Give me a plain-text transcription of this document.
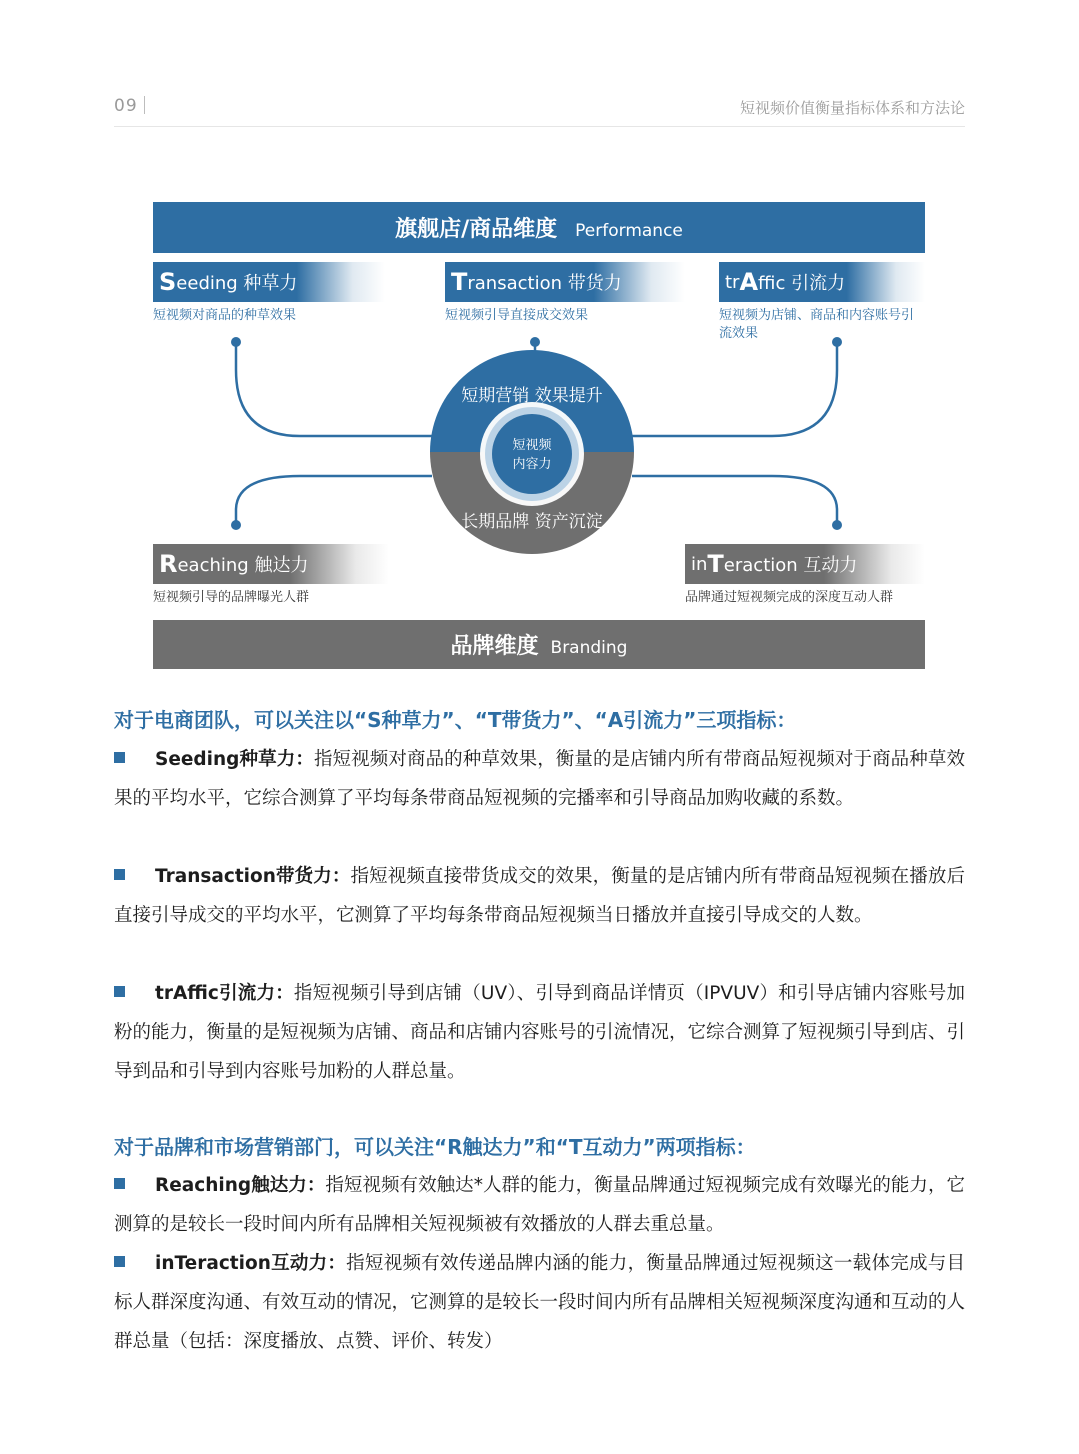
09	短视频价值衡量指标体系和方法论
旗舰店/商品维度 Performance
S eeding 种草力
短视频对商品的种草效果
T ransaction 带货力
短视频引导直接成交效果
tr A ffic 引流力
短视频为店铺、商品和内容账号引流效果
短期营销 效果提升
长期品牌 资产沉淀
短视频
内容力
R eaching 触达力
短视频引导的品牌曝光人群
in T eraction 互动力
品牌通过短视频完成的深度互动人群
品牌维度 Branding
对于电商团队，可以关注以“S种草力”、“T带货力”、“A引流力”三项指标：
Seeding种草力：指短视频对商品的种草效果，衡量的是店铺内所有带商品短视频对于商品种草效果的平均水平，它综合测算了平均每条带商品短视频的完播率和引导商品加购收藏的系数。
Transaction带货力：指短视频直接带货成交的效果，衡量的是店铺内所有带商品短视频在播放后直接引导成交的平均水平，它测算了平均每条带商品短视频当日播放并直接引导成交的人数。
trAffic引流力：指短视频引导到店铺（UV）、引导到商品详情页（IPVUV）和引导店铺内容账号加粉的能力，衡量的是短视频为店铺、商品和店铺内容账号的引流情况，它综合测算了短视频引导到店、引导到品和引导到内容账号加粉的人群总量。
对于品牌和市场营销部门，可以关注“R触达力”和“T互动力”两项指标：
Reaching触达力：指短视频有效触达*人群的能力，衡量品牌通过短视频完成有效曝光的能力，它测算的是较长一段时间内所有品牌相关短视频被有效播放的人群去重总量。
inTeraction互动力：指短视频有效传递品牌内涵的能力，衡量品牌通过短视频这一载体完成与目标人群深度沟通、有效互动的情况，它测算的是较长一段时间内所有品牌相关短视频深度沟通和互动的人群总量（包括：深度播放、点赞、评价、转发）
